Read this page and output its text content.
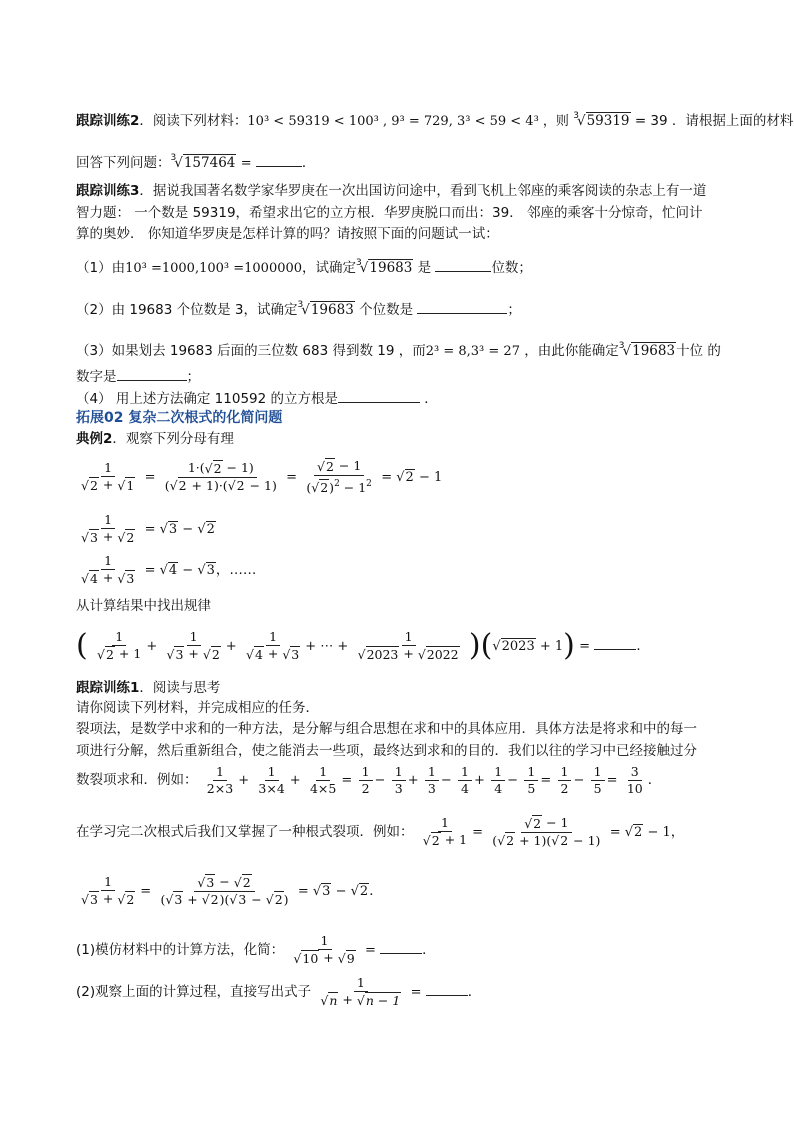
跟踪训练2．阅读下列材料：10³ < 59319 < 100³ , 9³ = 729, 3³ < 59 < 4³ ，则 $^3$ √ 59319 = 39 ．请根据上面的材料
回答下列问题：$^3$ √ 157464 =	．
跟踪训练3．据说我国著名数学家华罗庚在一次出国访问途中，看到飞机上邻座的乘客阅读的杂志上有一道
智力题： 一个数是 59319，希望求出它的立方根．华罗庚脱口而出：39． 邻座的乘客十分惊奇，忙问计
算的奥妙． 你知道华罗庚是怎样计算的吗？请按照下面的问题试一试：
（1）由10³ =1000,100³ =1000000，试确定$^3$ √ 19683 是	位数；
（2）由 19683 个位数是 3，试确定$^3$ √ 19683 个位数是	；
（3）如果划去 19683 后面的三位数 683 得到数 19 ，而2³ = 8,3³ = 27 ，由此你能确定$^3$ √ 19683十位 的
数字是	；
（4） 用上述方法确定 110592 的立方根是	．
拓展02 复杂二次根式的化简问题
典例2．观察下列分母有理
1
√ 2 + √ $1 = \frac{1\cdot( √ 2 - 1)}{( √ 2 + 1)\cdot( √ 2 - 1)}$ = √ $\frac{2 - 1}{( √ 2)^2 - 1^2}$ = √ 2 − 1
1
√ 3 + √ 2 = √ 3 − √ 2
1
√ 4 + √ 3 = √ 4 − √ 3，……
从计算结果中找出规律
( 1
√ 2 + 1 + 1
√ 3 + √ 2 + 1
√ 4 + √ 3 + ⋯ + 1
√ 2023 + √ 2022 )( √ 2023 + 1) =	．
跟踪训练1．阅读与思考
请你阅读下列材料，并完成相应的任务．
裂项法，是数学中求和的一种方法，是分解与组合思想在求和中的具体应用．具体方法是将求和中的每一
项进行分解，然后重新组合，使之能消去一些项，最终达到求和的目的．我们以往的学习中已经接触过分
数裂项求和．例如： $\frac{1}{2\times 3} + \frac{1}{3\times 4} + \frac{1}{4\times 5} = \frac{1}{2} - \frac{1}{3} + \frac{1}{3} - \frac{1}{4} + \frac{1}{4} - \frac{1}{5} = \frac{1}{2} - \frac{1}{5} = \frac{3}{10}$ ．
在学习完二次根式后我们又掌握了一种根式裂项．例如： 1
√ 2 + 1 = √ $\frac{2 - 1}{( √ 2 + 1)( √ 2 - 1)}$ = √ 2 − 1，
1
√ 3 + √ 2 = √ $\frac{3 - √ 2}{( √ 3 + √ 2)( √ 3 - √ 2)}$ = √ 3 − √ 2．
(1)模仿材料中的计算方法，化简： 1
√ 10 + √ 9 =	．
(2)观察上面的计算过程，直接写出式子 1
√ n + √ n − 1 =	．
